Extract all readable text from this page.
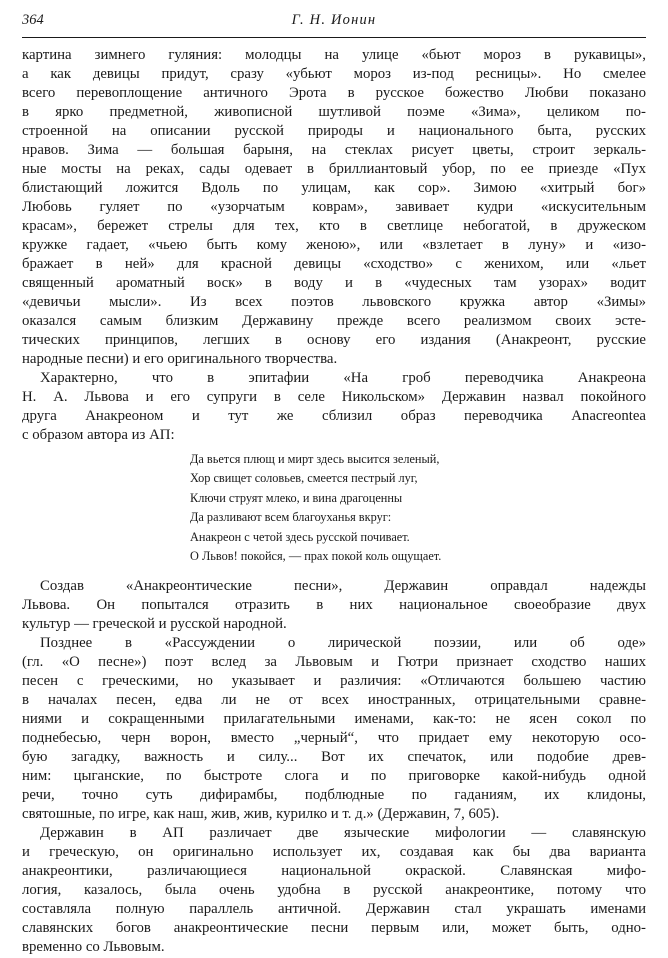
364	Г. Н. Ионин
картина зимнего гуляния: молодцы на улице «бьют мороз в рукавицы»,
а как девицы придут, сразу «убьют мороз из-под ресницы». Но смелее
всего перевоплощение античного Эрота в русское божество Любви показано
в ярко предметной, живописной шутливой поэме «Зима», целиком по-
строенной на описании русской природы и национального быта, русских
нравов. Зима — большая барыня, на стеклах рисует цветы, строит зеркаль-
ные мосты на реках, сады одевает в бриллиантовый убор, по ее приезде «Пух
блистающий ложится Вдоль по улицам, как сор». Зимою «хитрый бог»
Любовь гуляет по «узорчатым коврам», завивает кудри «искусительным
красам», бережет стрелы для тех, кто в светлице небогатой, в дружеском
кружке гадает, «чьею быть кому женою», или «взлетает в луну» и «изо-
бражает в ней» для красной девицы «сходство» с женихом, или «льет
священный ароматный воск» в воду и в «чудесных там узорах» водит
«девичьи мысли». Из всех поэтов львовского кружка автор «Зимы»
оказался самым близким Державину прежде всего реализмом своих эсте-
тических принципов, легших в основу его издания (Анакреонт, русские
народные песни) и его оригинального творчества.
Характерно, что в эпитафии «На гроб переводчика Анакреона
Н. А. Львова и его супруги в селе Никольском» Державин назвал покойного
друга Анакреоном и тут же сблизил образ переводчика Anacreontea
с образом автора из АП:
Да вьется плющ и мирт здесь высится зеленый,
Хор свищет соловьев, смеется пестрый луг,
Ключи струят млеко, и вина драгоценны
Да разливают всем благоуханья вкруг:
Анакреон с четой здесь русской почивает.
О Львов! покойся, — прах покой коль ощущает.
Создав «Анакреонтические песни», Державин оправдал надежды
Львова. Он попытался отразить в них национальное своеобразие двух
культур — греческой и русской народной.
Позднее в «Рассуждении о лирической поэзии, или об оде»
(гл. «О песне») поэт вслед за Львовым и Гютри признает сходство наших
песен с греческими, но указывает и различия: «Отличаются большею частию
в началах песен, едва ли не от всех иностранных, отрицательными сравне-
ниями и сокращенными прилагательными именами, как-то: не ясен сокол по
поднебесью, черн ворон, вместо „черный“, что придает ему некоторую осо-
бую загадку, важность и силу... Вот их спечаток, или подобие древ-
ним: цыганские, по быстроте слога и по приговорке какой-нибудь одной
речи, точно суть дифирамбы, подблюдные по гаданиям, их клидоны,
святошные, по игре, как наш, жив, жив, курилко и т. д.» (Державин, 7, 605).
Державин в АП различает две языческие мифологии — славянскую
и греческую, он оригинально использует их, создавая как бы два варианта
анакреонтики, различающиеся национальной окраской. Славянская мифо-
логия, казалось, была очень удобна в русской анакреонтике, потому что
составляла полную параллель античной. Державин стал украшать именами
славянских богов анакреонтические песни первым или, может быть, одно-
временно со Львовым.
